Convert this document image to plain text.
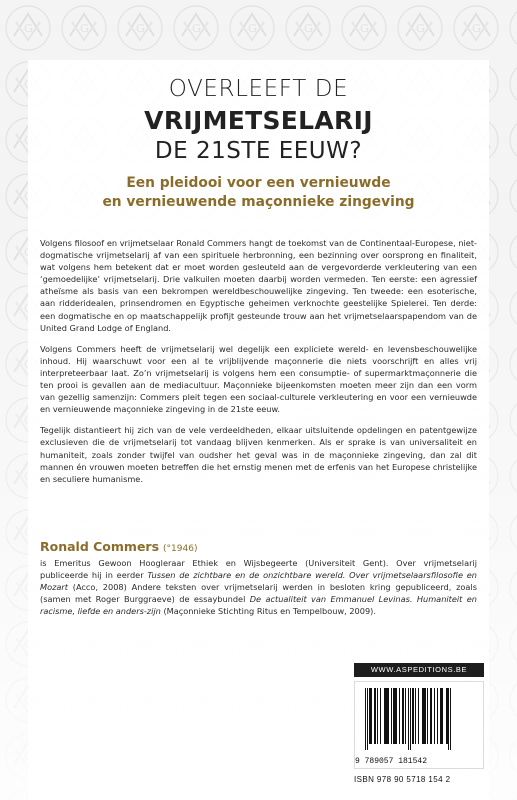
OVERLEEFT DE
VRIJMETSELARIJ
DE 21STE EEUW?
Een pleidooi voor een vernieuwde
en vernieuwende maçonnieke zingeving

Volgens filosoof en vrijmetselaar Ronald Commers hangt de toekomst van de Continentaal-Europese, niet-dogmatische vrijmetselarij af van een spirituele herbronning, een bezinning over oorsprong en finaliteit, wat volgens hem betekent dat er moet worden gesleuteld aan de vergevorderde verkleutering van een ‘gemoedelijke’ vrijmetselarij. Drie valkuilen moeten daarbij worden vermeden. Ten eerste: een agressief atheïsme als basis van een bekrompen wereldbeschouwelijke zingeving. Ten tweede: een esoterische, aan ridderidealen, prinsendromen en Egyptische geheimen verknochte geestelijke Spielerei. Ten derde: een dogmatische en op maatschappelijk profijt gesteunde trouw aan het vrijmetselaarspapendom van de United Grand Lodge of England.

Volgens Commers heeft de vrijmetselarij wel degelijk een expliciete wereld- en levensbeschouwelijke inhoud. Hij waarschuwt voor een al te vrijblijvende maçonnerie die niets voorschrijft en alles vrij interpreteerbaar laat. Zo’n vrijmetselarij is volgens hem een consumptie- of supermarktmaçonnerie die ten prooi is gevallen aan de mediacultuur. Maçonnieke bijeenkomsten moeten meer zijn dan een vorm van gezellig samenzijn: Commers pleit tegen een sociaal-culturele verkleutering en voor een vernieuwde en vernieuwende maçonnieke zingeving in de 21ste eeuw.

Tegelijk distantieert hij zich van de vele verdeeldheden, elkaar uitsluitende opdelingen en patentgewijze exclusieven die de vrijmetselarij tot vandaag blijven kenmerken. Als er sprake is van universaliteit en humaniteit, zoals zonder twijfel van oudsher het geval was in de maçonnieke zingeving, dan zal dit mannen én vrouwen moeten betreffen die het ernstig menen met de erfenis van het Europese christelijke en seculiere humanisme.

Ronald Commers (°1946)

is Emeritus Gewoon Hoogleraar Ethiek en Wijsbegeerte (Universiteit Gent). Over vrijmetselarij publiceerde hij in eerder Tussen de zichtbare en de onzichtbare wereld. Over vrijmetselaarsfilosofie en Mozart (Acco, 2008) Andere teksten over vrijmetselarij werden in besloten kring gepubliceerd, zoals (samen met Roger Burggraeve) de essaybundel De actualiteit van Emmanuel Levinas. Humaniteit en racisme, liefde en anders-zijn (Maçonnieke Stichting Ritus en Tempelbouw, 2009).

WWW.ASPEDITIONS.BE
9 789057 181542
ISBN 978 90 5718 154 2
